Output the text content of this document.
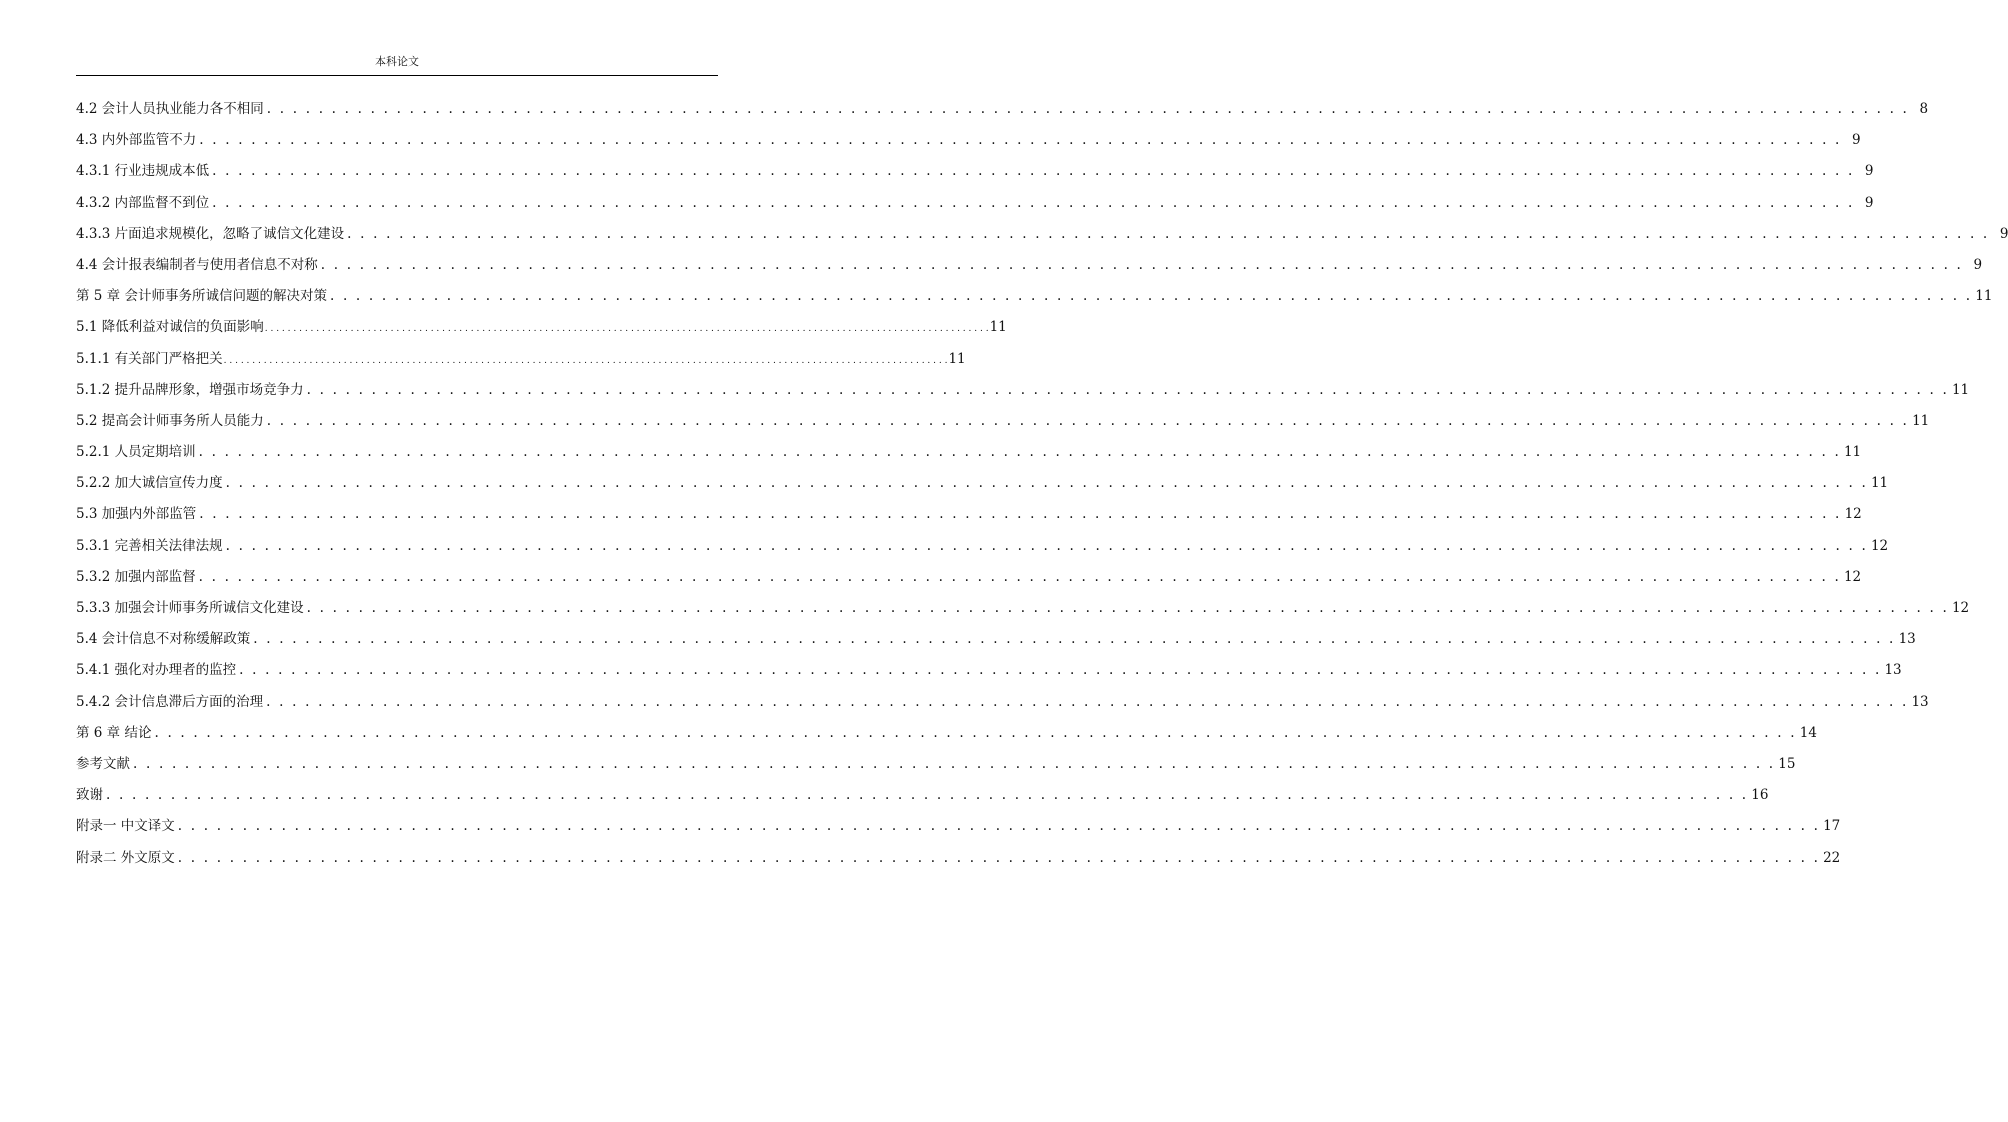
本科论文
4.2 会计人员执业能力各不相同 . . . . . . . . . . . . . . . . . . . . . . . . . . . . . . . . . . . . . . . . . . . . . . . . . . . . . . . . . . . . . . . . . . . . . . . . . . . . . . . . . . . . . . . . . . . . . . . . . . . . . . . . . . . . . . . . . . . . . . . . . . . . . . . 8
4.3 内外部监管不力 . . . . . . . . . . . . . . . . . . . . . . . . . . . . . . . . . . . . . . . . . . . . . . . . . . . . . . . . . . . . . . . . . . . . . . . . . . . . . . . . . . . . . . . . . . . . . . . . . . . . . . . . . . . . . . . . . . . . . . . . . . . . . . . 9
4.3.1 行业违规成本低 . . . . . . . . . . . . . . . . . . . . . . . . . . . . . . . . . . . . . . . . . . . . . . . . . . . . . . . . . . . . . . . . . . . . . . . . . . . . . . . . . . . . . . . . . . . . . . . . . . . . . . . . . . . . . . . . . . . . . . . . . . . . . . . 9
4.3.2 内部监督不到位 . . . . . . . . . . . . . . . . . . . . . . . . . . . . . . . . . . . . . . . . . . . . . . . . . . . . . . . . . . . . . . . . . . . . . . . . . . . . . . . . . . . . . . . . . . . . . . . . . . . . . . . . . . . . . . . . . . . . . . . . . . . . . . . 9
4.3.3 片面追求规模化，忽略了诚信文化建设 . . . . . . . . . . . . . . . . . . . . . . . . . . . . . . . . . . . . . . . . . . . . . . . . . . . . . . . . . . . . . . . . . . . . . . . . . . . . . . . . . . . . . . . . . . . . . . . . . . . . . . . . . . . . . . . . . . . . . . . . . . . . . . . 9
4.4 会计报表编制者与使用者信息不对称 . . . . . . . . . . . . . . . . . . . . . . . . . . . . . . . . . . . . . . . . . . . . . . . . . . . . . . . . . . . . . . . . . . . . . . . . . . . . . . . . . . . . . . . . . . . . . . . . . . . . . . . . . . . . . . . . . . . . . . . . . . . . . . . 9
第 5 章 会计师事务所诚信问题的解决对策 . . . . . . . . . . . . . . . . . . . . . . . . . . . . . . . . . . . . . . . . . . . . . . . . . . . . . . . . . . . . . . . . . . . . . . . . . . . . . . . . . . . . . . . . . . . . . . . . . . . . . . . . . . . . . . . . . . . . . . . . . . . . . . . 11
5.1 降低利益对诚信的负面影响 . . . . . . . . . . . . . . . . . . . . . . . . . . . . . . . . . . . . . . . . . . . . . . . . . . . . . . . . . . . . . . . . . . . . . . . . . . . . . . . . . . . . . . . . . . . . . . . . . . . . . . . . . . . . . . . . . . . . . . . . . . . . . . . 11
5.1.1 有关部门严格把关 . . . . . . . . . . . . . . . . . . . . . . . . . . . . . . . . . . . . . . . . . . . . . . . . . . . . . . . . . . . . . . . . . . . . . . . . . . . . . . . . . . . . . . . . . . . . . . . . . . . . . . . . . . . . . . . . . . . . . . . . . . . . . . . 11
5.1.2 提升品牌形象，增强市场竞争力 . . . . . . . . . . . . . . . . . . . . . . . . . . . . . . . . . . . . . . . . . . . . . . . . . . . . . . . . . . . . . . . . . . . . . . . . . . . . . . . . . . . . . . . . . . . . . . . . . . . . . . . . . . . . . . . . . . . . . . . . . . . . . . . 11
5.2 提高会计师事务所人员能力 . . . . . . . . . . . . . . . . . . . . . . . . . . . . . . . . . . . . . . . . . . . . . . . . . . . . . . . . . . . . . . . . . . . . . . . . . . . . . . . . . . . . . . . . . . . . . . . . . . . . . . . . . . . . . . . . . . . . . . . . . . . . . . . 11
5.2.1 人员定期培训 . . . . . . . . . . . . . . . . . . . . . . . . . . . . . . . . . . . . . . . . . . . . . . . . . . . . . . . . . . . . . . . . . . . . . . . . . . . . . . . . . . . . . . . . . . . . . . . . . . . . . . . . . . . . . . . . . . . . . . . . . . . . . . . 11
5.2.2 加大诚信宣传力度 . . . . . . . . . . . . . . . . . . . . . . . . . . . . . . . . . . . . . . . . . . . . . . . . . . . . . . . . . . . . . . . . . . . . . . . . . . . . . . . . . . . . . . . . . . . . . . . . . . . . . . . . . . . . . . . . . . . . . . . . . . . . . . . 11
5.3 加强内外部监管 . . . . . . . . . . . . . . . . . . . . . . . . . . . . . . . . . . . . . . . . . . . . . . . . . . . . . . . . . . . . . . . . . . . . . . . . . . . . . . . . . . . . . . . . . . . . . . . . . . . . . . . . . . . . . . . . . . . . . . . . . . . . . . . 12
5.3.1 完善相关法律法规 . . . . . . . . . . . . . . . . . . . . . . . . . . . . . . . . . . . . . . . . . . . . . . . . . . . . . . . . . . . . . . . . . . . . . . . . . . . . . . . . . . . . . . . . . . . . . . . . . . . . . . . . . . . . . . . . . . . . . . . . . . . . . . . 12
5.3.2 加强内部监督 . . . . . . . . . . . . . . . . . . . . . . . . . . . . . . . . . . . . . . . . . . . . . . . . . . . . . . . . . . . . . . . . . . . . . . . . . . . . . . . . . . . . . . . . . . . . . . . . . . . . . . . . . . . . . . . . . . . . . . . . . . . . . . . 12
5.3.3 加强会计师事务所诚信文化建设 . . . . . . . . . . . . . . . . . . . . . . . . . . . . . . . . . . . . . . . . . . . . . . . . . . . . . . . . . . . . . . . . . . . . . . . . . . . . . . . . . . . . . . . . . . . . . . . . . . . . . . . . . . . . . . . . . . . . . . . . . . . . . . . 12
5.4 会计信息不对称缓解政策 . . . . . . . . . . . . . . . . . . . . . . . . . . . . . . . . . . . . . . . . . . . . . . . . . . . . . . . . . . . . . . . . . . . . . . . . . . . . . . . . . . . . . . . . . . . . . . . . . . . . . . . . . . . . . . . . . . . . . . . . . . . . . . . 13
5.4.1 强化对办理者的监控 . . . . . . . . . . . . . . . . . . . . . . . . . . . . . . . . . . . . . . . . . . . . . . . . . . . . . . . . . . . . . . . . . . . . . . . . . . . . . . . . . . . . . . . . . . . . . . . . . . . . . . . . . . . . . . . . . . . . . . . . . . . . . . . 13
5.4.2 会计信息滞后方面的治理 . . . . . . . . . . . . . . . . . . . . . . . . . . . . . . . . . . . . . . . . . . . . . . . . . . . . . . . . . . . . . . . . . . . . . . . . . . . . . . . . . . . . . . . . . . . . . . . . . . . . . . . . . . . . . . . . . . . . . . . . . . . . . . . 13
第 6 章 结论 . . . . . . . . . . . . . . . . . . . . . . . . . . . . . . . . . . . . . . . . . . . . . . . . . . . . . . . . . . . . . . . . . . . . . . . . . . . . . . . . . . . . . . . . . . . . . . . . . . . . . . . . . . . . . . . . . . . . . . . . . . . . . . . 14
参考文献 . . . . . . . . . . . . . . . . . . . . . . . . . . . . . . . . . . . . . . . . . . . . . . . . . . . . . . . . . . . . . . . . . . . . . . . . . . . . . . . . . . . . . . . . . . . . . . . . . . . . . . . . . . . . . . . . . . . . . . . . . . . . . . . 15
致谢 . . . . . . . . . . . . . . . . . . . . . . . . . . . . . . . . . . . . . . . . . . . . . . . . . . . . . . . . . . . . . . . . . . . . . . . . . . . . . . . . . . . . . . . . . . . . . . . . . . . . . . . . . . . . . . . . . . . . . . . . . . . . . . . 16
附录一 中文译文 . . . . . . . . . . . . . . . . . . . . . . . . . . . . . . . . . . . . . . . . . . . . . . . . . . . . . . . . . . . . . . . . . . . . . . . . . . . . . . . . . . . . . . . . . . . . . . . . . . . . . . . . . . . . . . . . . . . . . . . . . . . . . . . 17
附录二 外文原文 . . . . . . . . . . . . . . . . . . . . . . . . . . . . . . . . . . . . . . . . . . . . . . . . . . . . . . . . . . . . . . . . . . . . . . . . . . . . . . . . . . . . . . . . . . . . . . . . . . . . . . . . . . . . . . . . . . . . . . . . . . . . . . . 22
